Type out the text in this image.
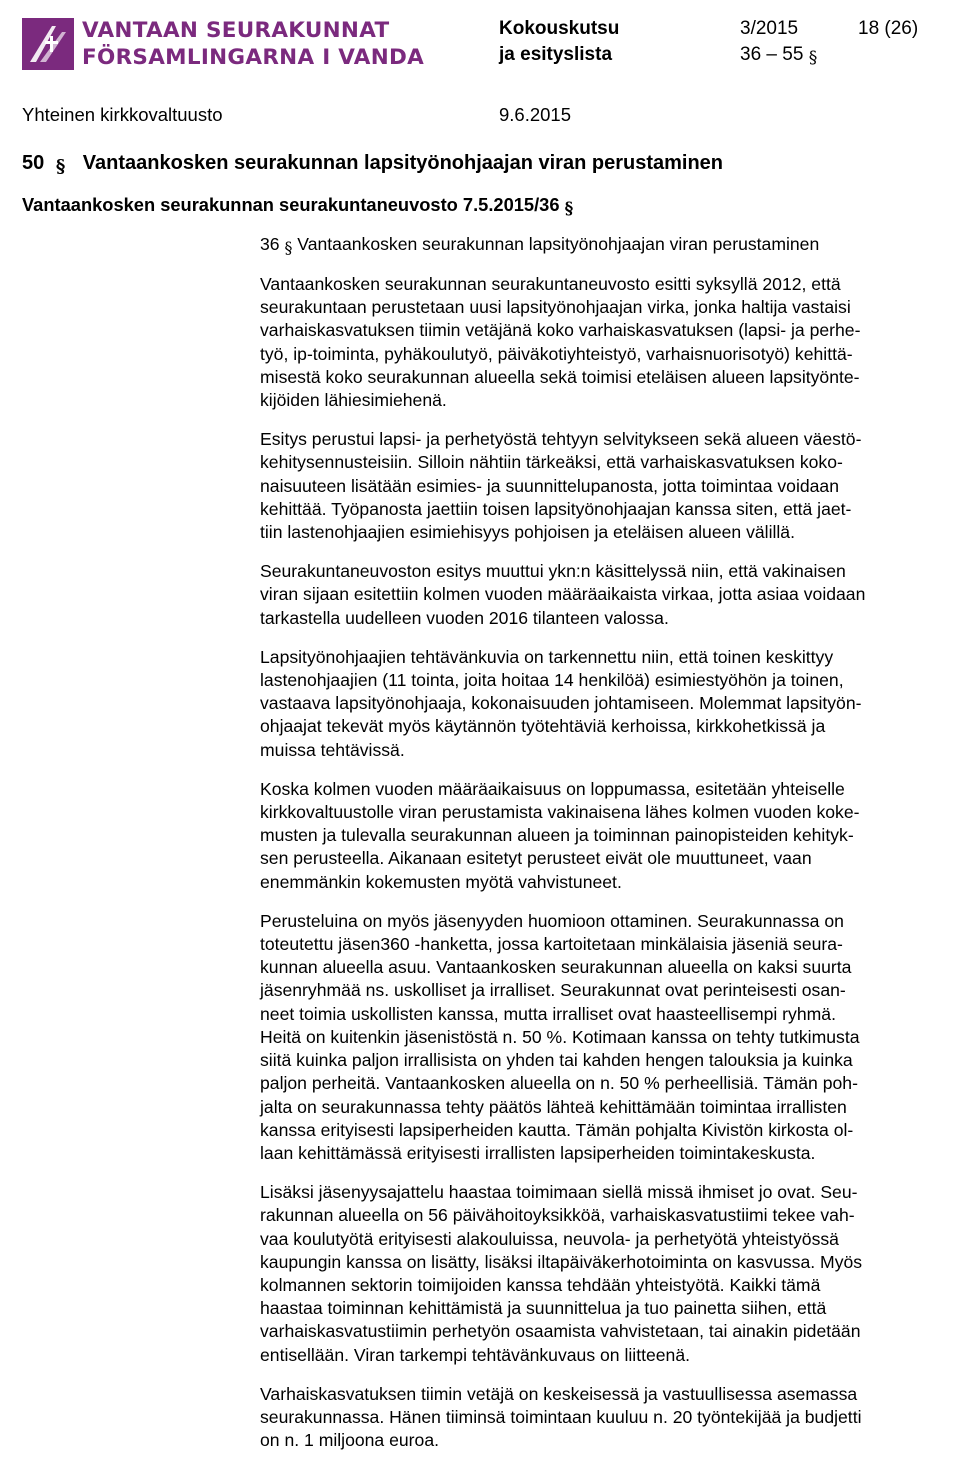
VANTAAN SEURAKUNNAT
FÖRSAMLINGARNA I VANDA
Kokouskutsu
ja esityslista
3/2015
36 – 55 §
18 (26)
Yhteinen kirkkovaltuusto	9.6.2015
50 § Vantaankosken seurakunnan lapsityönohjaajan viran perustaminen
Vantaankosken seurakunnan seurakuntaneuvosto 7.5.2015/36 §
36 § Vantaankosken seurakunnan lapsityönohjaajan viran perustaminen

Vantaankosken seurakunnan seurakuntaneuvosto esitti syksyllä 2012, että
seurakuntaan perustetaan uusi lapsityönohjaajan virka, jonka haltija vastaisi
varhaiskasvatuksen tiimin vetäjänä koko varhaiskasvatuksen (lapsi- ja perhe-
työ, ip-toiminta, pyhäkoulutyö, päiväkotiyhteistyö, varhaisnuorisotyö) kehittä-
misestä koko seurakunnan alueella sekä toimisi eteläisen alueen lapsityönte-
kijöiden lähiesimiehenä.

Esitys perustui lapsi- ja perhetyöstä tehtyyn selvitykseen sekä alueen väestö-
kehitysennusteisiin. Silloin nähtiin tärkeäksi, että varhaiskasvatuksen koko-
naisuuteen lisätään esimies- ja suunnittelupanosta, jotta toimintaa voidaan
kehittää. Työpanosta jaettiin toisen lapsityönohjaajan kanssa siten, että jaet-
tiin lastenohjaajien esimiehisyys pohjoisen ja eteläisen alueen välillä.

Seurakuntaneuvoston esitys muuttui ykn:n käsittelyssä niin, että vakinaisen
viran sijaan esitettiin kolmen vuoden määräaikaista virkaa, jotta asiaa voidaan
tarkastella uudelleen vuoden 2016 tilanteen valossa.

Lapsityönohjaajien tehtävänkuvia on tarkennettu niin, että toinen keskittyy
lastenohjaajien (11 tointa, joita hoitaa 14 henkilöä) esimiestyöhön ja toinen,
vastaava lapsityönohjaaja, kokonaisuuden johtamiseen. Molemmat lapsityön-
ohjaajat tekevät myös käytännön työtehtäviä kerhoissa, kirkkohetkissä ja
muissa tehtävissä.

Koska kolmen vuoden määräaikaisuus on loppumassa, esitetään yhteiselle
kirkkovaltuustolle viran perustamista vakinaisena lähes kolmen vuoden koke-
musten ja tulevalla seurakunnan alueen ja toiminnan painopisteiden kehityk-
sen perusteella. Aikanaan esitetyt perusteet eivät ole muuttuneet, vaan
enemmänkin kokemusten myötä vahvistuneet.

Perusteluina on myös jäsenyyden huomioon ottaminen. Seurakunnassa on
toteutettu jäsen360 -hanketta, jossa kartoitetaan minkälaisia jäseniä seura-
kunnan alueella asuu. Vantaankosken seurakunnan alueella on kaksi suurta
jäsenryhmää ns. uskolliset ja irralliset. Seurakunnat ovat perinteisesti osan-
neet toimia uskollisten kanssa, mutta irralliset ovat haasteellisempi ryhmä.
Heitä on kuitenkin jäsenistöstä n. 50 %. Kotimaan kanssa on tehty tutkimusta
siitä kuinka paljon irrallisista on yhden tai kahden hengen talouksia ja kuinka
paljon perheitä. Vantaankosken alueella on n. 50 % perheellisiä. Tämän poh-
jalta on seurakunnassa tehty päätös lähteä kehittämään toimintaa irrallisten
kanssa erityisesti lapsiperheiden kautta. Tämän pohjalta Kivistön kirkosta ol-
laan kehittämässä erityisesti irrallisten lapsiperheiden toimintakeskusta.

Lisäksi jäsenyysajattelu haastaa toimimaan siellä missä ihmiset jo ovat. Seu-
rakunnan alueella on 56 päivähoitoyksikköä, varhaiskasvatustiimi tekee vah-
vaa koulutyötä erityisesti alakouluissa, neuvola- ja perhetyötä yhteistyössä
kaupungin kanssa on lisätty, lisäksi iltapäiväkerhotoiminta on kasvussa. Myös
kolmannen sektorin toimijoiden kanssa tehdään yhteistyötä. Kaikki tämä
haastaa toiminnan kehittämistä ja suunnittelua ja tuo painetta siihen, että
varhaiskasvatustiimin perhetyön osaamista vahvistetaan, tai ainakin pidetään
entisellään. Viran tarkempi tehtävänkuvaus on liitteenä.

Varhaiskasvatuksen tiimin vetäjä on keskeisessä ja vastuullisessa asemassa
seurakunnassa. Hänen tiiminsä toimintaan kuuluu n. 20 työntekijää ja budjetti
on n. 1 miljoona euroa.
